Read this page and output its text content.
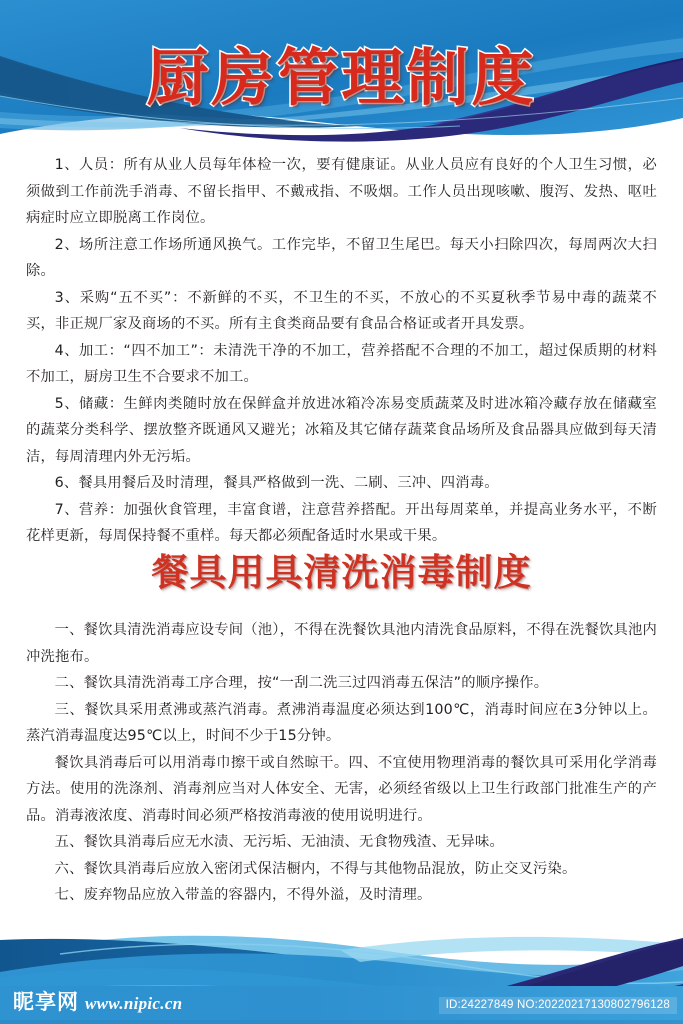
厨房管理制度

1、人员：所有从业人员每年体检一次，要有健康证。从业人员应有良好的个人卫生习惯，必须做到工作前洗手消毒、不留长指甲、不戴戒指、不吸烟。工作人员出现咳嗽、腹泻、发热、呕吐病症时应立即脱离工作岗位。

2、场所注意工作场所通风换气。工作完毕，不留卫生尾巴。每天小扫除四次，每周两次大扫除。

3、采购“五不买”：不新鲜的不买，不卫生的不买，不放心的不买夏秋季节易中毒的蔬菜不买，非正规厂家及商场的不买。所有主食类商品要有食品合格证或者开具发票。

4、加工：“四不加工”：未清洗干净的不加工，营养搭配不合理的不加工，超过保质期的材料不加工，厨房卫生不合要求不加工。

5、储藏：生鲜肉类随时放在保鲜盒并放进冰箱冷冻易变质蔬菜及时进冰箱冷藏存放在储藏室的蔬菜分类科学、摆放整齐既通风又避光；冰箱及其它储存蔬菜食品场所及食品器具应做到每天清洁，每周清理内外无污垢。

6、餐具用餐后及时清理，餐具严格做到一洗、二刷、三冲、四消毒。

7、营养：加强伙食管理，丰富食谱，注意营养搭配。开出每周菜单，并提高业务水平，不断花样更新，每周保持餐不重样。每天都必须配备适时水果或干果。

餐具用具清洗消毒制度

一、餐饮具清洗消毒应设专间（池），不得在洗餐饮具池内清洗食品原料，不得在洗餐饮具池内冲洗拖布。

二、餐饮具清洗消毒工序合理，按“一刮二洗三过四消毒五保洁”的顺序操作。

三、餐饮具采用煮沸或蒸汽消毒。煮沸消毒温度必须达到100℃，消毒时间应在3分钟以上。蒸汽消毒温度达95℃以上，时间不少于15分钟。

餐饮具消毒后可以用消毒巾擦干或自然晾干。四、不宜使用物理消毒的餐饮具可采用化学消毒方法。使用的洗涤剂、消毒剂应当对人体安全、无害，必须经省级以上卫生行政部门批准生产的产品。消毒液浓度、消毒时间必须严格按消毒液的使用说明进行。

五、餐饮具消毒后应无水渍、无污垢、无油渍、无食物残渣、无异味。

六、餐饮具消毒后应放入密闭式保洁橱内，不得与其他物品混放，防止交叉污染。

七、废弃物品应放入带盖的容器内，不得外溢，及时清理。

昵享网 www.nipic.cn	ID:24227849 NO:20220217130802796128
